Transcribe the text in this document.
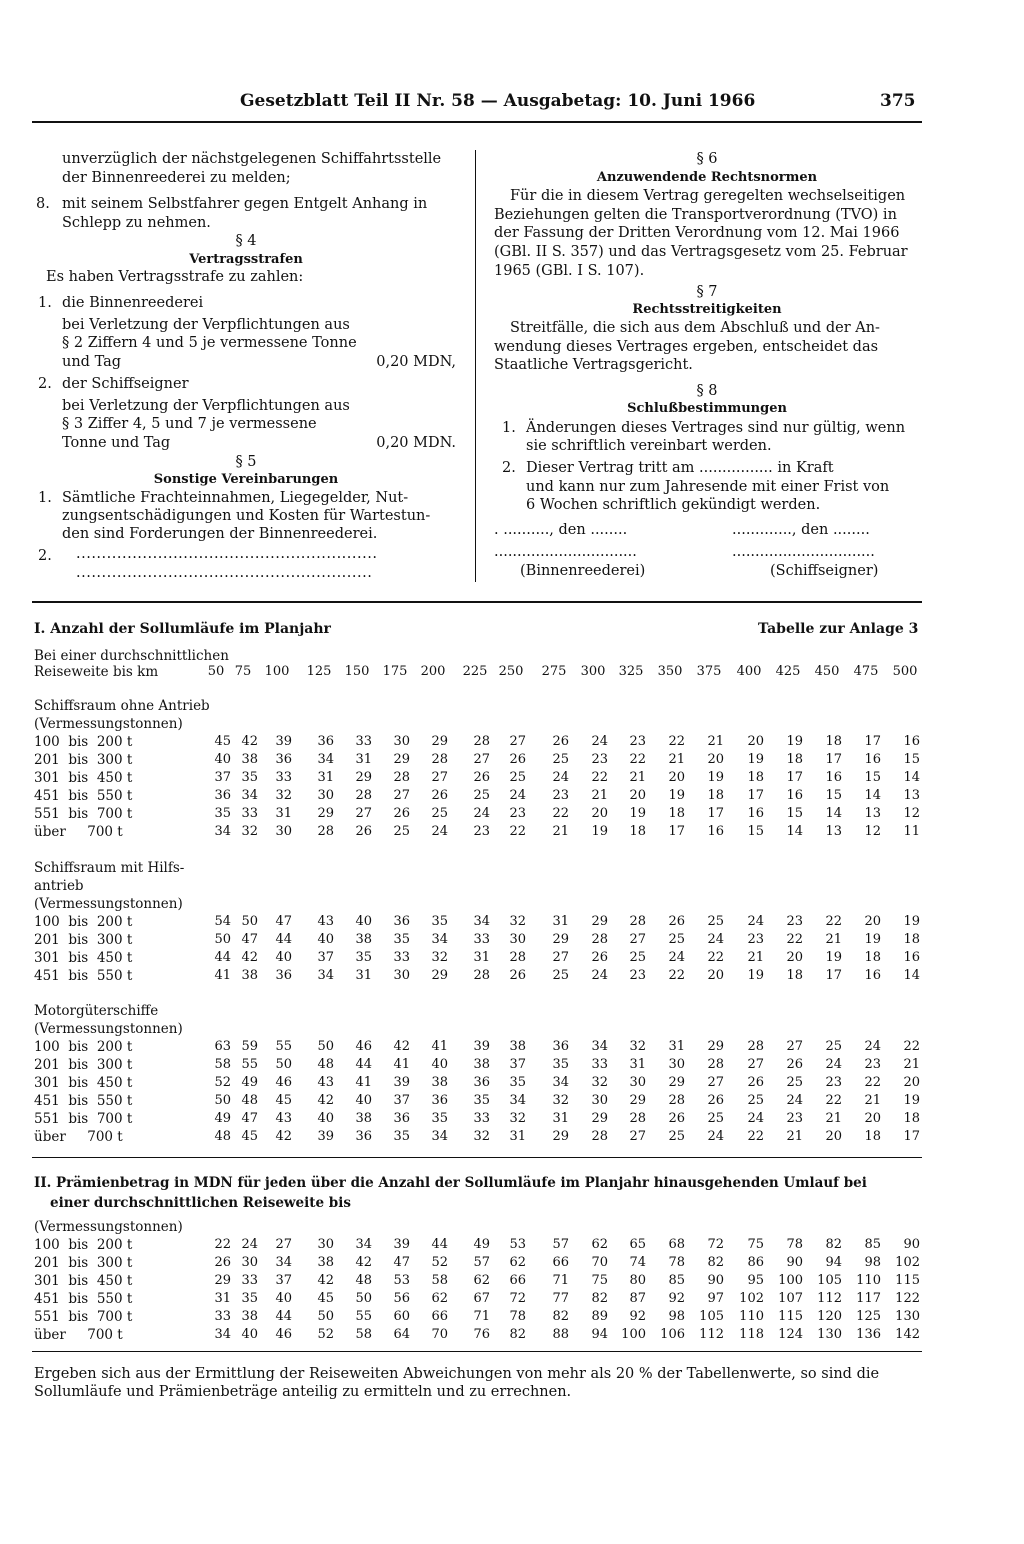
Gesetzblatt Teil II Nr. 58 — Ausgabetag: 10. Juni 1966	375
unverzüglich der nächstgelegenen Schiffahrtsstelle
der Binnenreederei zu melden;
8. mit seinem Selbstfahrer gegen Entgelt Anhang in
Schlepp zu nehmen.
§ 4
Vertragsstrafen
Es haben Vertragsstrafe zu zahlen:
1. die Binnenreederei
bei Verletzung der Verpflichtungen aus
§ 2 Ziffern 4 und 5 je vermessene Tonne
und Tag	0,20 MDN,
2. der Schiffseigner
bei Verletzung der Verpflichtungen aus
§ 3 Ziffer 4, 5 und 7 je vermessene
Tonne und Tag	0,20 MDN.
§ 5
Sonstige Vereinbarungen
1. Sämtliche Frachteinnahmen, Liegegelder, Nut-
zungsentschädigungen und Kosten für Wartestun-
den sind Forderungen der Binnenreederei.
2. ...........................................................
..........................................................
§ 6
Anzuwendende Rechtsnormen
Für die in diesem Vertrag geregelten wechselseitigen
Beziehungen gelten die Transportverordnung (TVO) in
der Fassung der Dritten Verordnung vom 12. Mai 1966
(GBl. II S. 357) und das Vertragsgesetz vom 25. Februar
1965 (GBl. I S. 107).
§ 7
Rechtsstreitigkeiten
Streitfälle, die sich aus dem Abschluß und der An-
wendung dieses Vertrages ergeben, entscheidet das
Staatliche Vertragsgericht.
§ 8
Schlußbestimmungen
1. Änderungen dieses Vertrages sind nur gültig, wenn
sie schriftlich vereinbart werden.
2. Dieser Vertrag tritt am ................ in Kraft
und kann nur zum Jahresende mit einer Frist von
6 Wochen schriftlich gekündigt werden.
. .........., den ........	............., den ........
...............................	...............................
(Binnenreederei)	(Schiffseigner)
I. Anzahl der Sollumläufe im Planjahr	Tabelle zur Anlage 3
Bei einer durchschnittlichen
Reiseweite bis km
II. Prämienbetrag in MDN für jeden über die Anzahl der Sollumläufe im Planjahr hinausgehenden Umlauf bei
einer durchschnittlichen Reiseweite bis
(Vermessungstonnen)
Ergeben sich aus der Ermittlung der Reiseweiten Abweichungen von mehr als 20 % der Tabellenwerte, so sind die
Sollumläufe und Prämienbeträge anteilig zu ermitteln und zu errechnen.
50 75	100	125	150	175	200	225 250	275	300	325	350	375	400	425	450	475	500
Schiffsraum ohne Antrieb
(Vermessungstonnen)
100  bis  200 t	45 42	39	36	33	30	29	28	27	26	24	23	22	21	20	19	18	17	16
201  bis  300 t	40 38	36	34	31	29	28	27	26	25	23	22	21	20	19	18	17	16	15
301  bis  450 t	37 35	33	31	29	28	27	26	25	24	22	21	20	19	18	17	16	15	14
451  bis  550 t	36 34	32	30	28	27	26	25	24	23	21	20	19	18	17	16	15	14	13
551  bis  700 t	35 33	31	29	27	26	25	24	23	22	20	19	18	17	16	15	14	13	12
über     700 t	34 32	30	28	26	25	24	23	22	21	19	18	17	16	15	14	13	12	11
Schiffsraum mit Hilfs-
antrieb
(Vermessungstonnen)
100  bis  200 t	54 50	47	43	40	36	35	34	32	31	29	28	26	25	24	23	22	20	19
201  bis  300 t	50 47	44	40	38	35	34	33	30	29	28	27	25	24	23	22	21	19	18
301  bis  450 t	44 42	40	37	35	33	32	31	28	27	26	25	24	22	21	20	19	18	16
451  bis  550 t	41 38	36	34	31	30	29	28	26	25	24	23	22	20	19	18	17	16	14
Motorgüterschiffe
(Vermessungstonnen)
100  bis  200 t	63 59	55	50	46	42	41	39	38	36	34	32	31	29	28	27	25	24	22
201  bis  300 t	58 55	50	48	44	41	40	38	37	35	33	31	30	28	27	26	24	23	21
301  bis  450 t	52 49	46	43	41	39	38	36	35	34	32	30	29	27	26	25	23	22	20
451  bis  550 t	50 48	45	42	40	37	36	35	34	32	30	29	28	26	25	24	22	21	19
551  bis  700 t	49 47	43	40	38	36	35	33	32	31	29	28	26	25	24	23	21	20	18
über     700 t	48 45	42	39	36	35	34	32	31	29	28	27	25	24	22	21	20	18	17
100  bis  200 t	22 24	27	30	34	39	44	49	53	57	62	65	68	72	75	78	82	85	90
201  bis  300 t	26 30	34	38	42	47	52	57	62	66	70	74	78	82	86	90	94	98	102
301  bis  450 t	29 33	37	42	48	53	58	62	66	71	75	80	85	90	95	100	105	110	115
451  bis  550 t	31 35	40	45	50	56	62	67	72	77	82	87	92	97	102	107	112	117	122
551  bis  700 t	33 38	44	50	55	60	66	71	78	82	89	92	98	105	110	115	120	125	130
über     700 t	34 40	46	52	58	64	70	76	82	88	94	100	106	112	118	124	130	136	142
